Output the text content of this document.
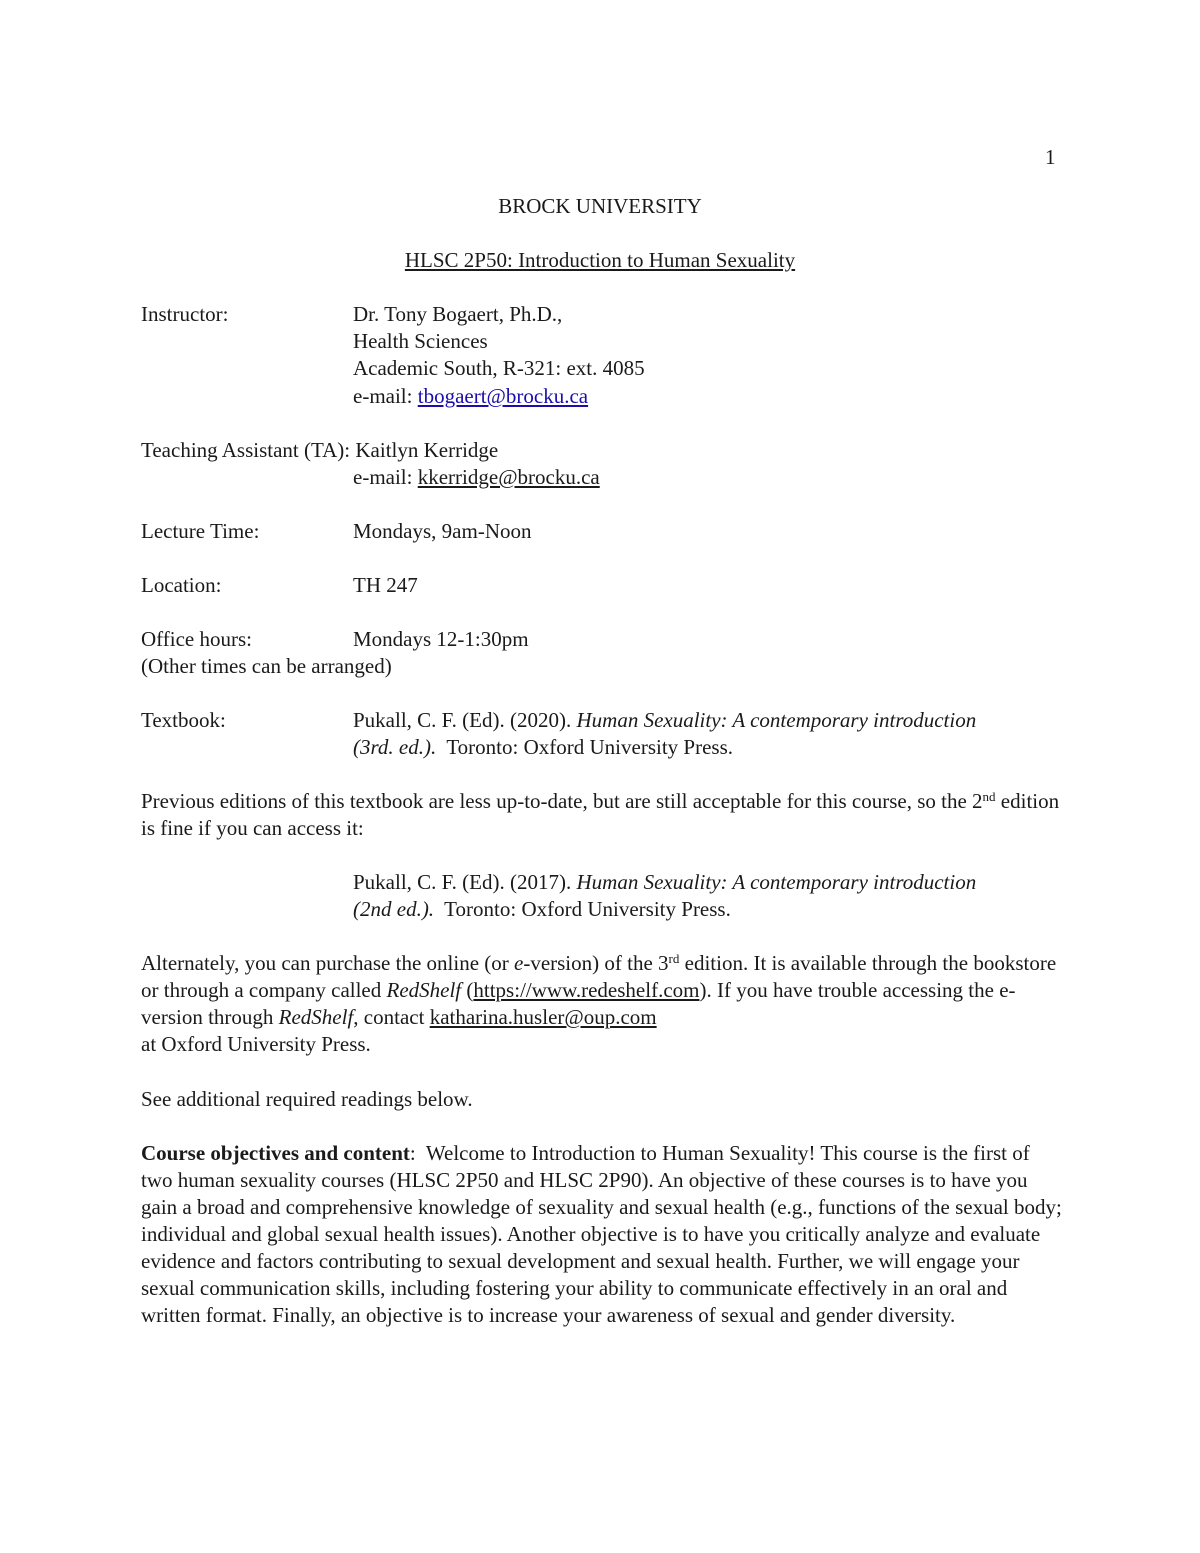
1
BROCK UNIVERSITY
HLSC 2P50: Introduction to Human Sexuality
Instructor:	Dr. Tony Bogaert, Ph.D.,
Health Sciences
Academic South, R-321: ext. 4085
e-mail: tbogaert@brocku.ca
Teaching Assistant (TA): Kaitlyn Kerridge
e-mail: kkerridge@brocku.ca
Lecture Time:	Mondays, 9am-Noon
Location:	TH 247
Office hours:	Mondays 12-1:30pm
(Other times can be arranged)
Textbook:	Pukall, C. F. (Ed). (2020). Human Sexuality: A contemporary introduction
(3rd. ed.).  Toronto: Oxford University Press.

Previous editions of this textbook are less up-to-date, but are still acceptable for this course, so the 2nd edition is fine if you can access it:

Pukall, C. F. (Ed). (2017). Human Sexuality: A contemporary introduction
(2nd ed.).  Toronto: Oxford University Press.

Alternately, you can purchase the online (or e-version) of the 3rd edition. It is available through the bookstore or through a company called RedShelf (https://www.redeshelf.com). If you have trouble accessing the e-version through RedShelf, contact katharina.husler@oup.com
at Oxford University Press.

See additional required readings below.

Course objectives and content:  Welcome to Introduction to Human Sexuality! This course is the first of two human sexuality courses (HLSC 2P50 and HLSC 2P90). An objective of these courses is to have you gain a broad and comprehensive knowledge of sexuality and sexual health (e.g., functions of the sexual body; individual and global sexual health issues). Another objective is to have you critically analyze and evaluate evidence and factors contributing to sexual development and sexual health. Further, we will engage your sexual communication skills, including fostering your ability to communicate effectively in an oral and written format. Finally, an objective is to increase your awareness of sexual and gender diversity.
